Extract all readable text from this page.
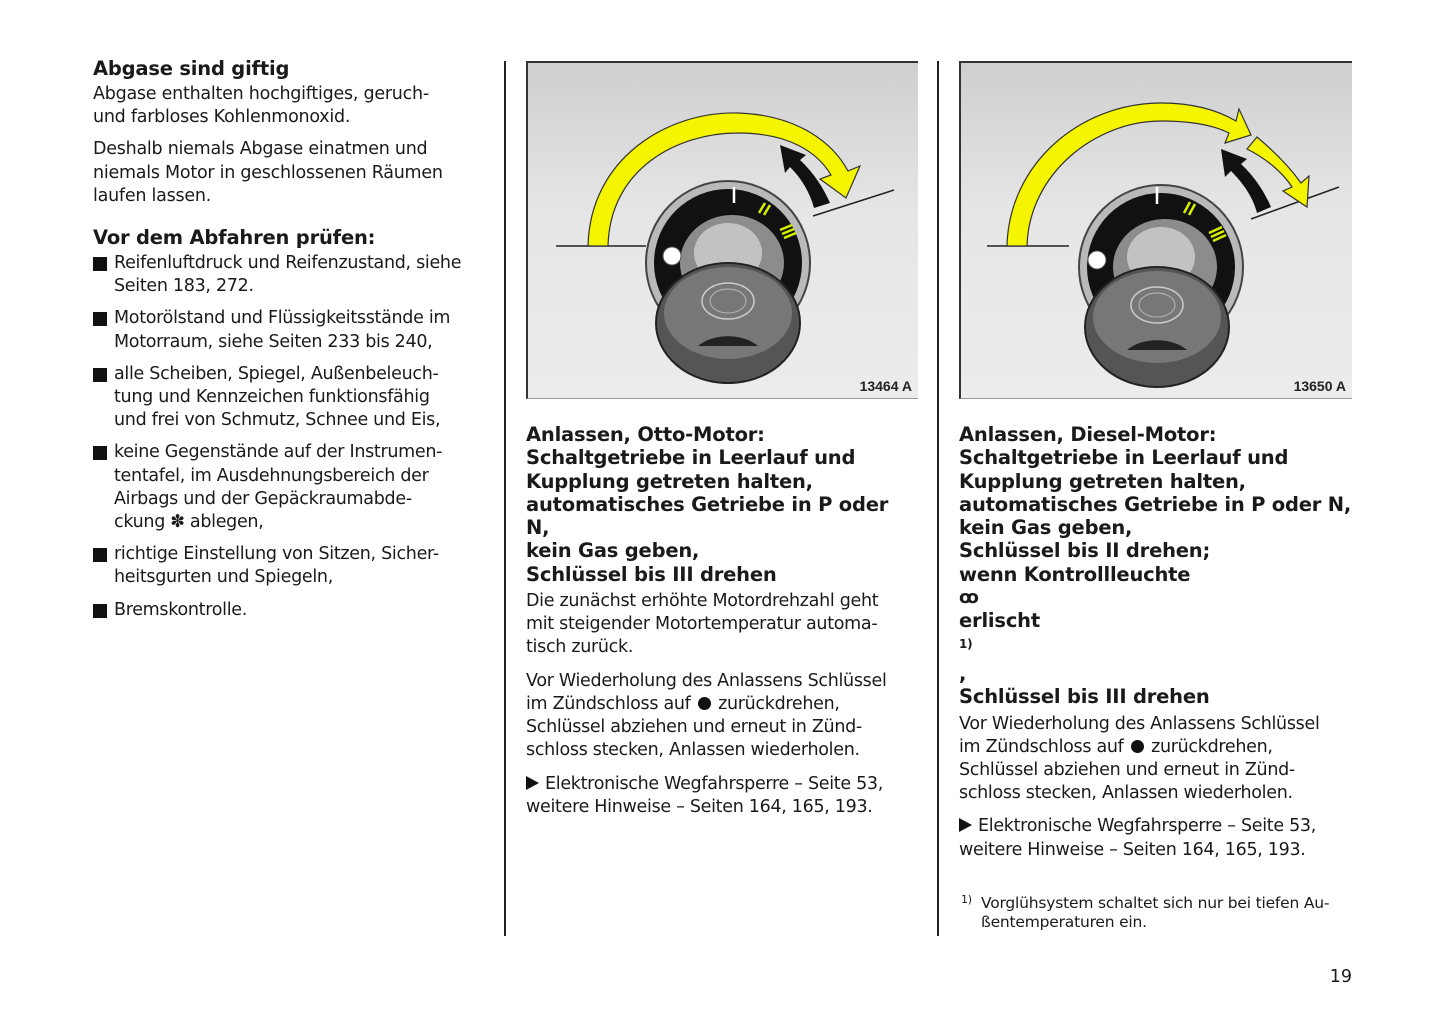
Abgase sind giftig
Abgase enthalten hochgiftiges, geruch-
und farbloses Kohlenmonoxid.
Deshalb niemals Abgase einatmen und
niemals Motor in geschlossenen Räumen
laufen lassen.
Vor dem Abfahren prüfen:
Reifenluftdruck und Reifenzustand, siehe
Seiten 183, 272.
Motorölstand und Flüssigkeitsstände im
Motorraum, siehe Seiten 233 bis 240,
alle Scheiben, Spiegel, Außenbeleuch-
tung und Kennzeichen funktionsfähig
und frei von Schmutz, Schnee und Eis,
keine Gegenstände auf der Instrumen-
tentafel, im Ausdehnungsbereich der
Airbags und der Gepäckraumabde-
ckung ✽ ablegen,
richtige Einstellung von Sitzen, Sicher-
heitsgurten und Spiegeln,
Bremskontrolle.
13464 A
Anlassen, Otto-Motor:
Schaltgetriebe in Leerlauf und
Kupplung getreten halten,
automatisches Getriebe in P oder N,
kein Gas geben,
Schlüssel bis III drehen
Die zunächst erhöhte Motordrehzahl geht
mit steigender Motortemperatur automa-
tisch zurück.
Vor Wiederholung des Anlassens Schlüssel
im Zündschloss auf zurückdrehen,
Schlüssel abziehen und erneut in Zünd-
schloss stecken, Anlassen wiederholen.
Elektronische Wegfahrsperre – Seite 53,
weitere Hinweise – Seiten 164, 165, 193.
13650 A
Anlassen, Diesel-Motor:
Schaltgetriebe in Leerlauf und
Kupplung getreten halten,
automatisches Getriebe in P oder N,
kein Gas geben,
Schlüssel bis II drehen;
wenn Kontrollleuchte
ꝏ
erlischt
$^{1)}$
,
Schlüssel bis III drehen
Vor Wiederholung des Anlassens Schlüssel
im Zündschloss auf zurückdrehen,
Schlüssel abziehen und erneut in Zünd-
schloss stecken, Anlassen wiederholen.
Elektronische Wegfahrsperre – Seite 53,
weitere Hinweise – Seiten 164, 165, 193.
1) Vorglühsystem schaltet sich nur bei tiefen Au-
ßentemperaturen ein.
19
